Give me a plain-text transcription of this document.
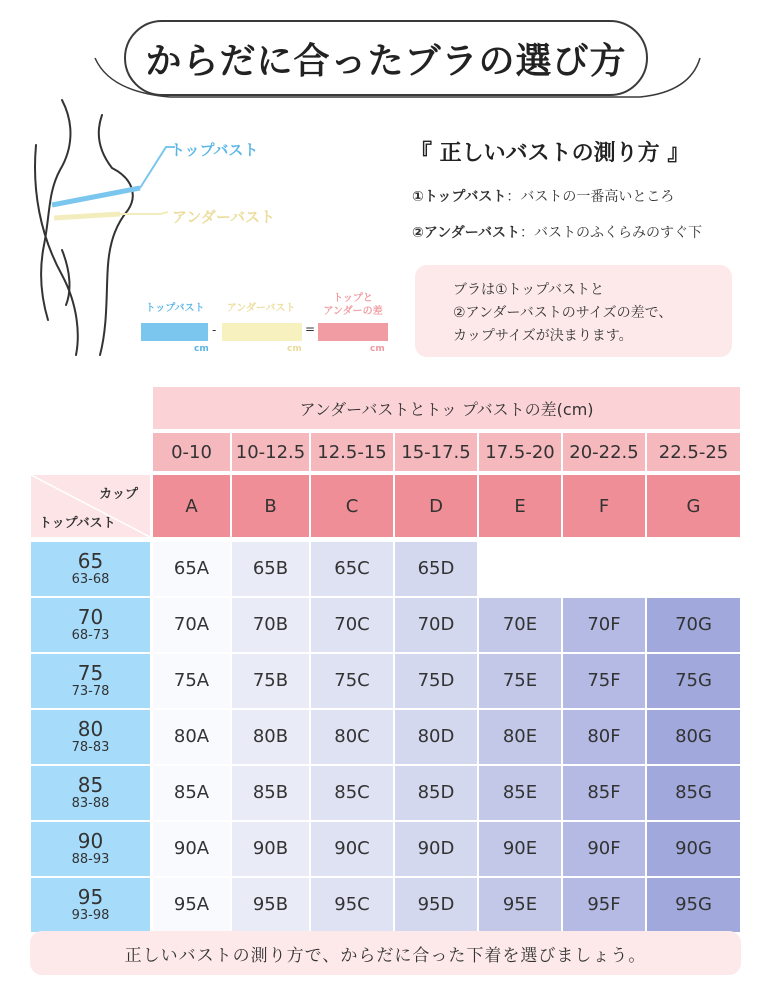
からだに合ったブラの選び方
トップバスト
アンダーバスト
トップバスト
cm
-
アンダーバスト
cm
=
トップと
アンダーの差
cm
『 正しいバストの測り方 』
①トップバスト：バストの一番高いところ
②アンダーバスト：バストのふくらみのすぐ下
ブラは①トップバストと
②アンダーバストのサイズの差で、
カップサイズが決まります。
アンダーバストとトッ プバストの差(cm)
0-10	10-12.5 12.5-15 15-17.5 17.5-20 20-22.5	22.5-25
A	B	C	D	E	F	G
カップ
トップバスト
65
63-68
65A	65B	65C	65D
70
68-73
70A	70B	70C	70D	70E	70F	70G
75
73-78
75A	75B	75C	75D	75E	75F	75G
80
78-83
80A	80B	80C	80D	80E	80F	80G
85
83-88
85A	85B	85C	85D	85E	85F	85G
90
88-93
90A	90B	90C	90D	90E	90F	90G
95
93-98
95A	95B	95C	95D	95E	95F	95G
正しいバストの測り方で、からだに合った下着を選びましょう。
